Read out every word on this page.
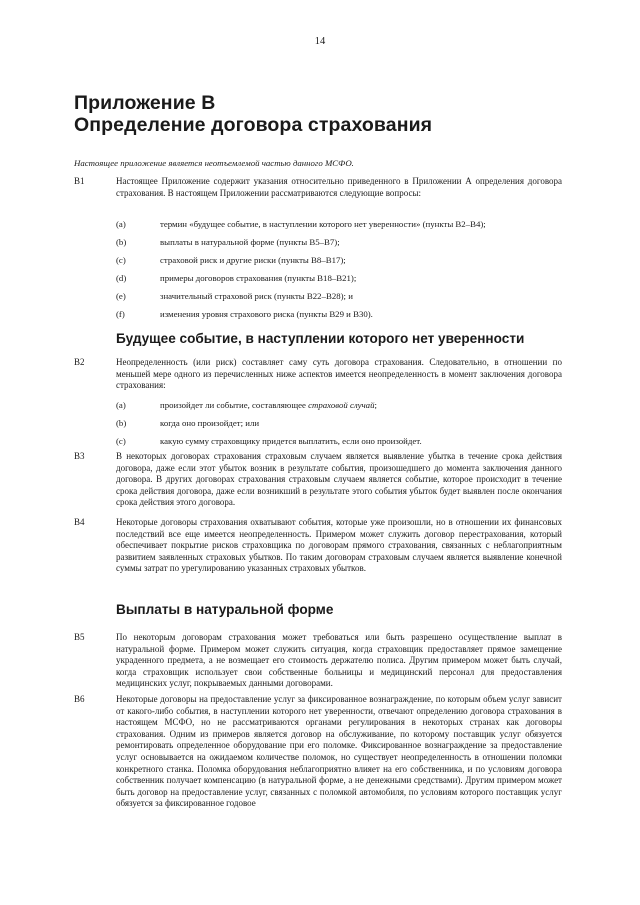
14
Приложение В
Определение договора страхования
Настоящее приложение является неотъемлемой частью данного МСФО.
B1	Настоящее Приложение содержит указания относительно приведенного в Приложении А определения договора страхования. В настоящем Приложении рассматриваются следующие вопросы:
(a)	термин «будущее событие, в наступлении которого нет уверенности» (пункты В2–В4);
(b)	выплаты в натуральной форме (пункты В5–В7);
(c)	страховой риск и другие риски (пункты В8–В17);
(d)	примеры договоров страхования (пункты В18–В21);
(e)	значительный страховой риск (пункты В22–В28); и
(f)	изменения уровня страхового риска (пункты В29 и В30).
Будущее событие, в наступлении которого нет уверенности
B2	Неопределенность (или риск) составляет саму суть договора страхования. Следовательно, в отношении по меньшей мере одного из перечисленных ниже аспектов имеется неопределенность в момент заключения договора страхования:
(a)	произойдет ли событие, составляющее страховой случай;
(b)	когда оно произойдет; или
(c)	какую сумму страховщику придется выплатить, если оно произойдет.
B3	В некоторых договорах страхования страховым случаем является выявление убытка в течение срока действия договора, даже если этот убыток возник в результате события, произошедшего до момента заключения данного договора. В других договорах страхования страховым случаем является событие, которое происходит в течение срока действия договора, даже если возникший в результате этого события убыток будет выявлен после окончания срока действия этого договора.
B4	Некоторые договоры страхования охватывают события, которые уже произошли, но в отношении их финансовых последствий все еще имеется неопределенность. Примером может служить договор перестрахования, который обеспечивает покрытие рисков страховщика по договорам прямого страхования, связанных с неблагоприятным развитием заявленных страховых убытков. По таким договорам страховым случаем является выявление конечной суммы затрат по урегулированию указанных страховых убытков.
Выплаты в натуральной форме
B5	По некоторым договорам страхования может требоваться или быть разрешено осуществление выплат в натуральной форме. Примером может служить ситуация, когда страховщик предоставляет прямое замещение украденного предмета, а не возмещает его стоимость держателю полиса. Другим примером может быть случай, когда страховщик использует свои собственные больницы и медицинский персонал для предоставления медицинских услуг, покрываемых данными договорами.
B6	Некоторые договоры на предоставление услуг за фиксированное вознаграждение, по которым объем услуг зависит от какого-либо события, в наступлении которого нет уверенности, отвечают определению договора страхования в настоящем МСФО, но не рассматриваются органами регулирования в некоторых странах как договоры страхования. Одним из примеров является договор на обслуживание, по которому поставщик услуг обязуется ремонтировать определенное оборудование при его поломке. Фиксированное вознаграждение за предоставление услуг основывается на ожидаемом количестве поломок, но существует неопределенность в отношении поломки конкретного станка. Поломка оборудования неблагоприятно влияет на его собственника, и по условиям договора собственник получает компенсацию (в натуральной форме, а не денежными средствами). Другим примером может быть договор на предоставление услуг, связанных с поломкой автомобиля, по условиям которого поставщик услуг обязуется за фиксированное годовое
